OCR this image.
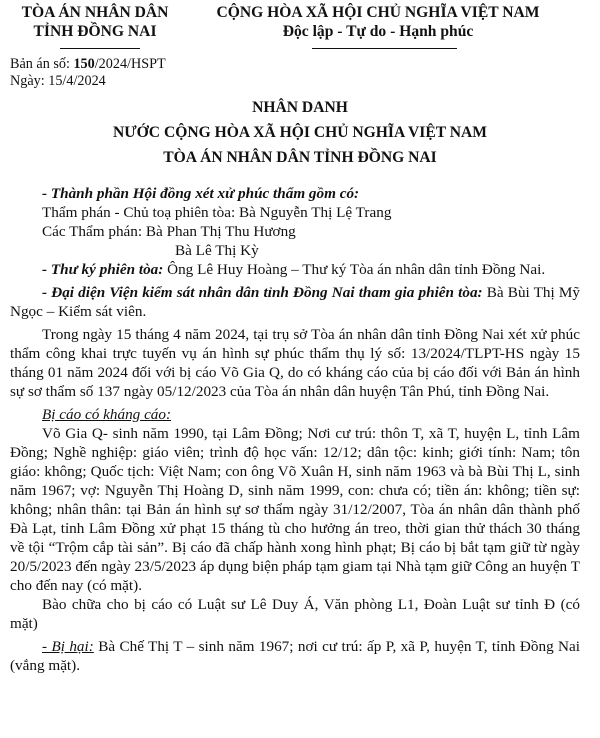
TÒA ÁN NHÂN DÂN
TỈNH ĐỒNG NAI
CỘNG HÒA XÃ HỘI CHỦ NGHĨA VIỆT NAM
Độc lập - Tự do - Hạnh phúc
Bản án số: 150/2024/HSPT
Ngày: 15/4/2024
NHÂN DANH
NƯỚC CỘNG HÒA XÃ HỘI CHỦ NGHĨA VIỆT NAM
TÒA ÁN NHÂN DÂN TỈNH ĐỒNG NAI

- Thành phần Hội đồng xét xử phúc thẩm gồm có:

Thẩm phán - Chủ toạ phiên tòa: Bà Nguyễn Thị Lệ Trang

Các Thẩm phán: Bà Phan Thị Thu Hương

Bà Lê Thị Kỳ

- Thư ký phiên tòa: Ông Lê Huy Hoàng – Thư ký Tòa án nhân dân tỉnh Đồng Nai.

- Đại diện Viện kiểm sát nhân dân tỉnh Đồng Nai tham gia phiên tòa: Bà Bùi Thị Mỹ Ngọc – Kiểm sát viên.

Trong ngày 15 tháng 4 năm 2024, tại trụ sở Tòa án nhân dân tỉnh Đồng Nai xét xử phúc thẩm công khai trực tuyến vụ án hình sự phúc thẩm thụ lý số: 13/2024/TLPT-HS ngày 15 tháng 01 năm 2024 đối với bị cáo Võ Gia Q, do có kháng cáo của bị cáo đối với Bản án hình sự sơ thẩm số 137 ngày 05/12/2023 của Tòa án nhân dân huyện Tân Phú, tỉnh Đồng Nai.

Bị cáo có kháng cáo:

Võ Gia Q- sinh năm 1990, tại Lâm Đồng; Nơi cư trú: thôn T, xã T, huyện L, tỉnh Lâm Đồng; Nghề nghiệp: giáo viên; trình độ học vấn: 12/12; dân tộc: kinh; giới tính: Nam; tôn giáo: không; Quốc tịch: Việt Nam; con ông Võ Xuân H, sinh năm 1963 và bà Bùi Thị L, sinh năm 1967; vợ: Nguyễn Thị Hoàng D, sinh năm 1999, con: chưa có; tiền án: không; tiền sự: không; nhân thân: tại Bản án hình sự sơ thẩm ngày 31/12/2007, Tòa án nhân dân thành phố Đà Lạt, tỉnh Lâm Đồng xử phạt 15 tháng tù cho hưởng án treo, thời gian thử thách 30 tháng về tội “Trộm cắp tài sản”. Bị cáo đã chấp hành xong hình phạt; Bị cáo bị bắt tạm giữ từ ngày 20/5/2023 đến ngày 23/5/2023 áp dụng biện pháp tạm giam tại Nhà tạm giữ Công an huyện T cho đến nay (có mặt).

Bào chữa cho bị cáo có Luật sư Lê Duy Á, Văn phòng L1, Đoàn Luật sư tỉnh Đ (có mặt)

- Bị hại: Bà Chế Thị T – sinh năm 1967; nơi cư trú: ấp P, xã P, huyện T, tỉnh Đồng Nai (vắng mặt).
